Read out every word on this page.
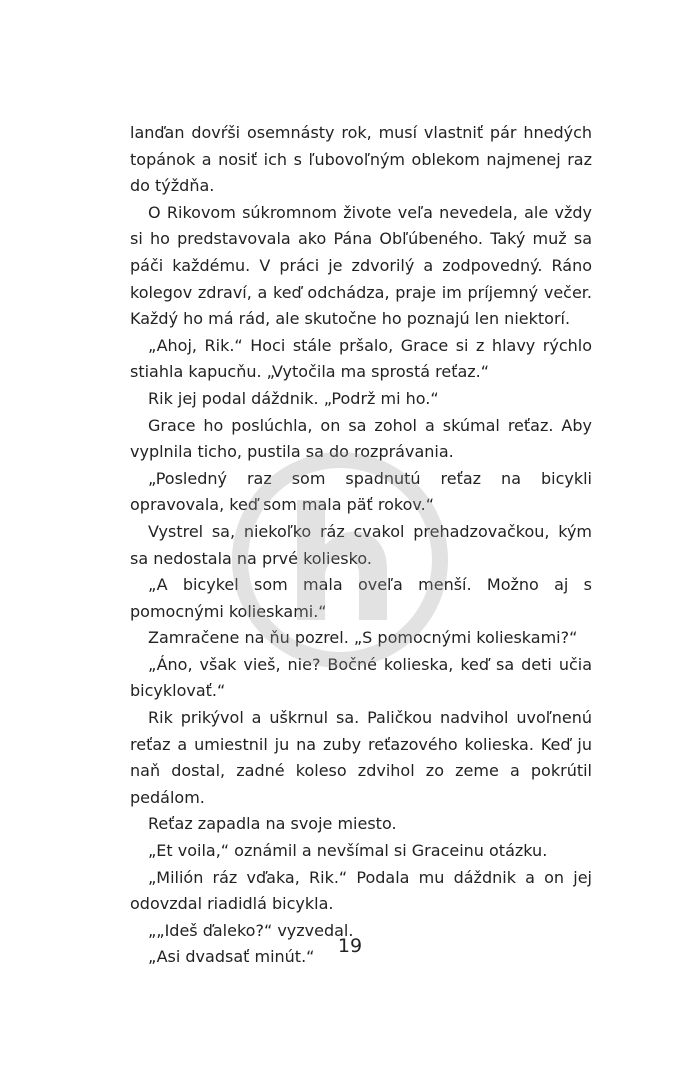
lanďan dovŕši osemnásty rok, musí vlastniť pár hnedých topánok a nosiť ich s ľubovoľným oblekom najmenej raz do týždňa.

O Rikovom súkromnom živote veľa nevedela, ale vždy si ho predstavovala ako Pána Obľúbeného. Taký muž sa páči každému. V práci je zdvorilý a zodpovedný. Ráno kolegov zdraví, a keď odchádza, praje im príjemný večer. Každý ho má rád, ale skutočne ho poznajú len niektorí.

„Ahoj, Rik.“ Hoci stále pršalo, Grace si z hlavy rýchlo stiahla kapucňu. „Vytočila ma sprostá reťaz.“

Rik jej podal dáždnik. „Podrž mi ho.“

Grace ho poslúchla, on sa zohol a skúmal reťaz. Aby vyplnila ticho, pustila sa do rozprávania.

„Posledný raz som spadnutú reťaz na bicykli opravovala, keď som mala päť rokov.“

Vystrel sa, niekoľko ráz cvakol prehadzovačkou, kým sa nedostala na prvé koliesko.

„A bicykel som mala oveľa menší. Možno aj s pomocnými kolieskami.“

Zamračene na ňu pozrel. „S pomocnými kolieskami?“

„Áno, však vieš, nie? Bočné kolieska, keď sa deti učia bicyklovať.“

Rik prikývol a uškrnul sa. Paličkou nadvihol uvoľnenú reťaz a umiestnil ju na zuby reťazového kolieska. Keď ju naň dostal, zadné koleso zdvihol zo zeme a pokrútil pedálom.

Reťaz zapadla na svoje miesto.

„Et voila,“ oznámil a nevšímal si Graceinu otázku.

„Milión ráz vďaka, Rik.“ Podala mu dáždnik a on jej odovzdal riadidlá bicykla.

„„Ideš ďaleko?“ vyzvedal.

„Asi dvadsať minút.“	19
